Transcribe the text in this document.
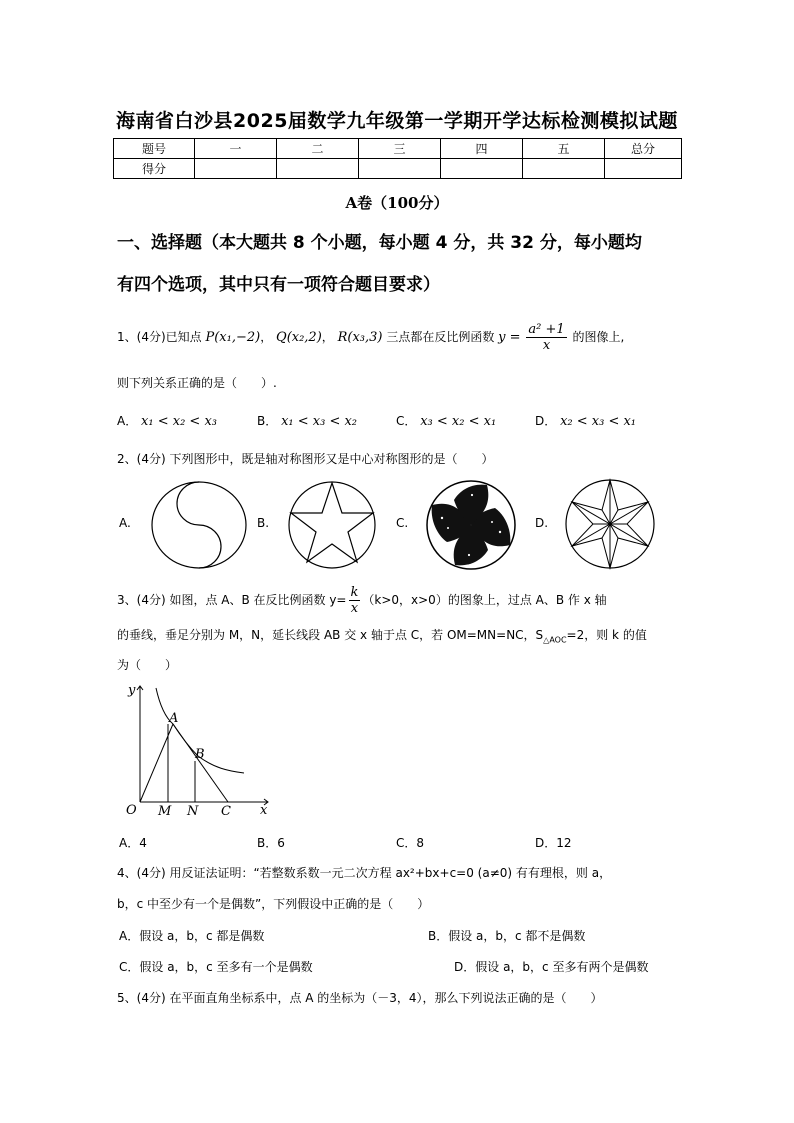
海南省白沙县2025届数学九年级第一学期开学达标检测模拟试题
题号	一	二	三	四	五	总分
得分						
A卷（100分）
一、选择题（本大题共 8 个小题，每小题 4 分，共 32 分，每小题均
有四个选项，其中只有一项符合题目要求）
1、(4分)已知点 P(x₁,−2)， Q(x₂,2)， R(x₃,3) 三点都在反比例函数 $y = \frac{\text{a² +1}}{x}$ 的图像上,
则下列关系正确的是（　　）.
A． x₁ < x₂ < x₃	B． x₁ < x₃ < x₂	C． x₃ < x₂ < x₁	D． x₂ < x₃ < x₁
2、(4分) 下列图形中，既是轴对称图形又是中心对称图形的是（　　）
A.	B.	C.	D.
3、(4分) 如图，点 A、B 在反比例函数 $y= \frac{k}{x} (k>0$，x>0）的图象上，过点 A、B 作 x 轴
的垂线，垂足分别为 M，N，延长线段 AB 交 x 轴于点 C，若 OM=MN=NC，$S_{\triangle AOC}=2$，则 k 的值
为（　　）
y
x
O
A
B
M N C
A．4	B．6	C．8	D．12
4、(4分) 用反证法证明：“若整数系数一元二次方程 ax²+bx+c=0 (a≠0) 有有理根，则 a，
b，c 中至少有一个是偶数”，下列假设中正确的是（　　）
A．假设 a，b，c 都是偶数	B．假设 a，b，c 都不是偶数
C．假设 a，b，c 至多有一个是偶数	D．假设 a，b，c 至多有两个是偶数
5、(4分) 在平面直角坐标系中，点 A 的坐标为（－3，4），那么下列说法正确的是（　　）
